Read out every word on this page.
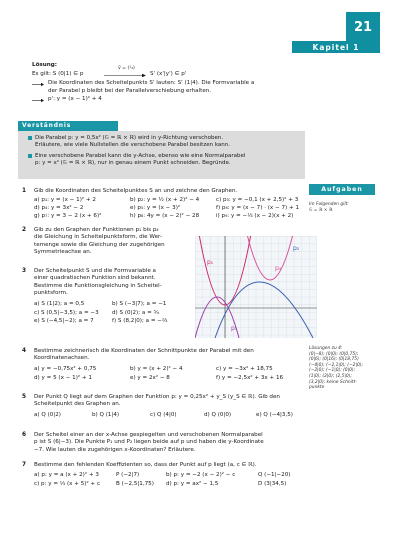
21
Kapitel 1
Lösung:
Es gilt: S (0|1) ∈ p
v⃗ = (¹₃)
S' (x'|y') ∈ p'
Die Koordinaten des Scheitelpunkts S' lauten: S' (1|4). Die Formvariable a
der Parabel p bleibt bei der Parallelverschiebung erhalten.
p': y = (x − 1)² + 4
Verständnis
Die Parabel p: y = 0,5x² (𝔾 = ℝ × ℝ) wird in y-Richtung verschoben.
Erläutere, wie viele Nullstellen die verschobene Parabel besitzen kann.
Eine verschobene Parabel kann die y-Achse, ebenso wie eine Normalparabel
p: y = x² (𝔾 = ℝ × ℝ), nur in genau einem Punkt schneiden. Begründe.
Aufgaben
Im Folgenden gilt:
𝔾 = ℝ × ℝ
1 Gib die Koordinaten des Scheitelpunktes S an und zeichne den Graphen.
a) p₁: y = (x − 1)² + 2	b) p₂: y = ½ (x + 2)² − 4	c) p₃: y = −0,1 (x + 2,5)² + 3
d) p₄: y = 3x² − 2	e) p₅: y = (x − 3)²	f) p₆: y = (x − 7) · (x − 7) + 1
g) p₇: y = 3 − 2 (x + 6)²	h) p₈: 4y = (x − 2)² − 28	i) p₉: y = −⅓ (x − 2)(x + 2)
2 Gib zu den Graphen der Funktionen p₁ bis p₄
die Gleichung in Scheitelpunktsform, die Wer-
temenge sowie die Gleichung der zugehörigen
Symmetrieachse an.
3 Der Scheitelpunkt S und die Formvariable a
einer quadratischen Funktion sind bekannt.
Bestimme die Funktionsgleichung in Scheitel-
punktsform.
a) S (1|2); a = 0,5	b) S (−3|7); a = −1
c) S (0,5|−3,5); a = −3 d) S (0|2); a = ¾
e) S (−4,5|−2); a = 7	f) S (8,2|0); a = −⅔
p₁
p₂
p₃
p₄
4 Bestimme zeichnerisch die Koordinaten der Schnittpunkte der Parabel mit den
Koordinatenachsen.
a) y = −0,75x² + 0,75	b) y = (x + 2)² − 4	c) y = −3x² + 18,75
d) y = 5 (x − 1)² + 1	e) y = 2x² − 8	f) y = −2,5x² + 3x + 16
Lösungen zu 4:
(0|−8); (0|0); (0|0,75);
(0|6); (0|16); (0|18,75)
(−4|0); (−2,1|0); (−2|0);
(−2|0); (−1|0); (0|0);
(1|0); (2|0); (2,5|0);
(3,2|0); keine Schnitt-
punkte
5 Der Punkt Q liegt auf dem Graphen der Funktion p: y = 0,25x² + y_S (y_S ∈ ℝ). Gib den
Scheitelpunkt des Graphen an.
a) Q (0|2)	b) Q (1|4)	c) Q (4|0)	d) Q (0|0)	e) Q (−4|3,5)
6 Der Scheitel einer an der x-Achse gespiegelten und verschobenen Normalparabel
p ist S (6|−3). Die Punkte P₁ und P₂ liegen beide auf p und haben die y-Koordinate
−7. Wie lauten die zugehörigen x-Koordinaten? Erläutere.
7 Bestimme den fehlenden Koeffizienten so, dass der Punkt auf p liegt (a, c ∈ ℝ).
a) p: y = a (x + 2)² + 3	P (−2|7)	b) p: y = −2 (x − 2)² − c	Q (−1|−20)
c) p: y = ⅓ (x + 5)² + c	B (−2,5|1,75) d) p: y = ax² − 1,5	D (3|34,5)
